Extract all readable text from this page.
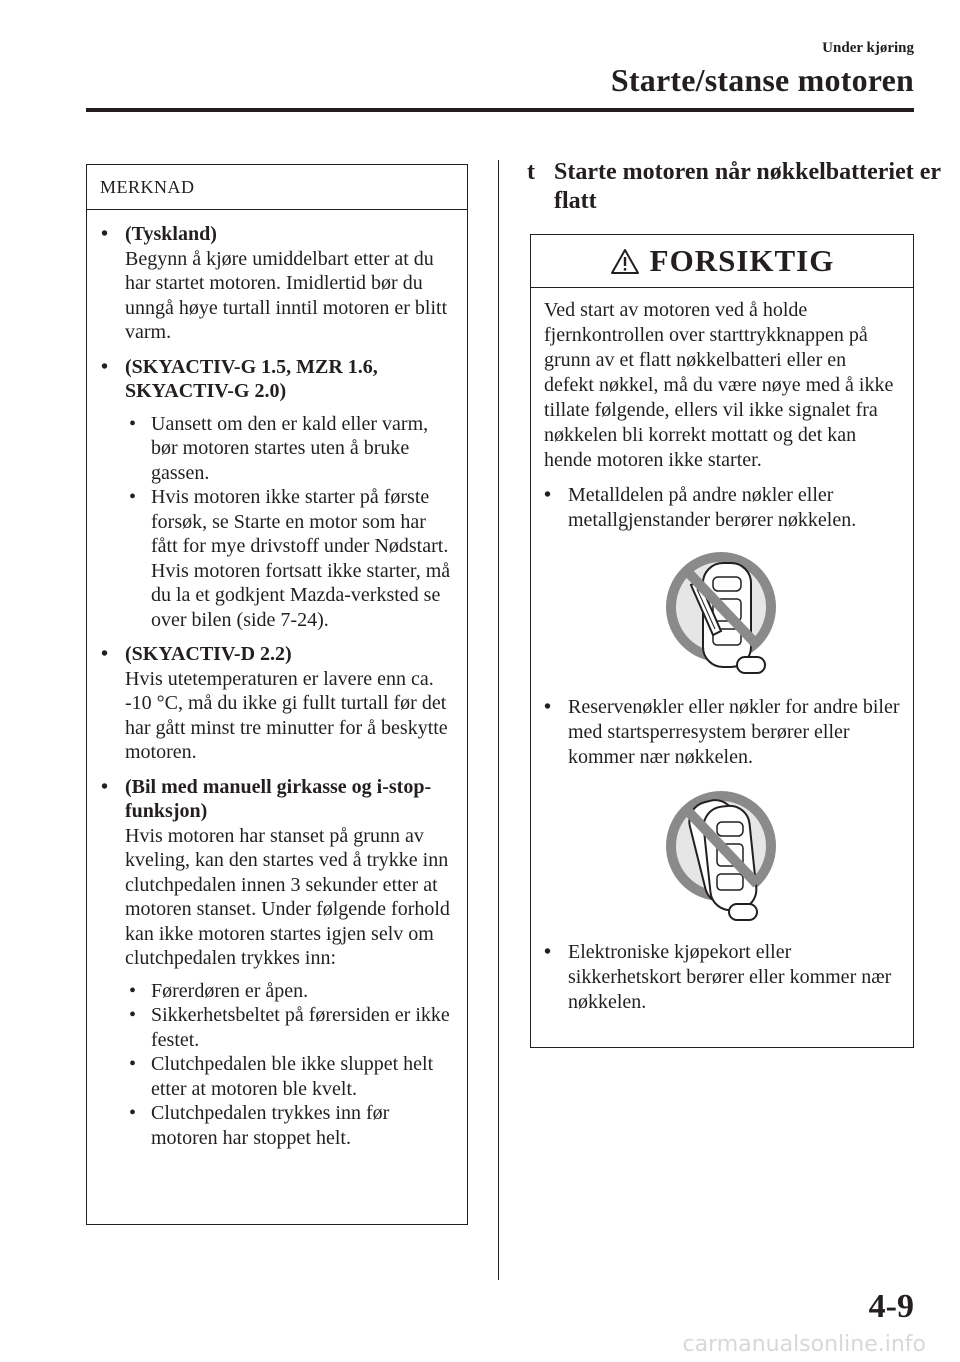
Under kjøring
Starte/stanse motoren
MERKNAD
• (Tyskland)
Begynn å kjøre umiddelbart etter at du har startet motoren. Imidlertid bør du unngå høye turtall inntil motoren er blitt varm.
• (SKYACTIV-G 1.5, MZR 1.6, SKYACTIV-G 2.0)
• Uansett om den er kald eller varm, bør motoren startes uten å bruke gassen.
• Hvis motoren ikke starter på første forsøk, se Starte en motor som har fått for mye drivstoff under Nødstart. Hvis motoren fortsatt ikke starter, må du la et godkjent Mazda-verksted se over bilen (side 7-24).
• (SKYACTIV-D 2.2)
Hvis utetemperaturen er lavere enn ca. -10 °C, må du ikke gi fullt turtall før det har gått minst tre minutter for å beskytte motoren.
• (Bil med manuell girkasse og i-stop-funksjon)
Hvis motoren har stanset på grunn av kveling, kan den startes ved å trykke inn clutchpedalen innen 3 sekunder etter at motoren stanset. Under følgende forhold kan ikke motoren startes igjen selv om clutchpedalen trykkes inn:
• Førerdøren er åpen.
• Sikkerhetsbeltet på førersiden er ikke festet.
• Clutchpedalen ble ikke sluppet helt etter at motoren ble kvelt.
• Clutchpedalen trykkes inn før motoren har stoppet helt.
t Starte motoren når nøkkelbatteriet er flatt
FORSIKTIG
Ved start av motoren ved å holde fjernkontrollen over starttrykknappen på grunn av et flatt nøkkelbatteri eller en defekt nøkkel, må du være nøye med å ikke tillate følgende, ellers vil ikke signalet fra nøkkelen bli korrekt mottatt og det kan hende motoren ikke starter.
• Metalldelen på andre nøkler eller metallgjenstander berører nøkkelen.
• Reservenøkler eller nøkler for andre biler med startsperresystem berører eller kommer nær nøkkelen.
• Elektroniske kjøpekort eller sikkerhetskort berører eller kommer nær nøkkelen.
4-9
carmanualsonline.info
